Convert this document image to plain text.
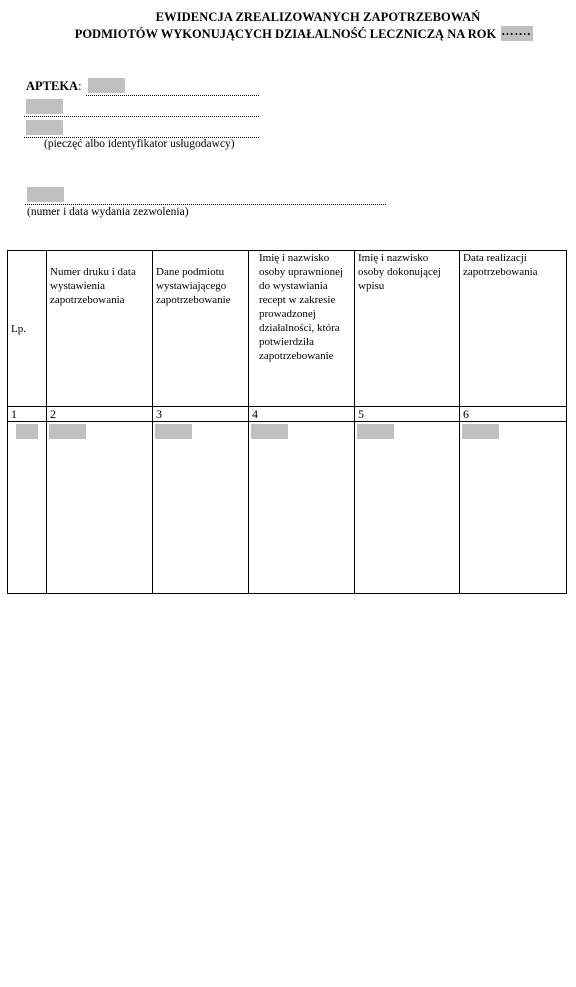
EWIDENCJA ZREALIZOWANYCH ZAPOTRZEBOWAŃ
PODMIOTÓW WYKONUJĄCYCH DZIAŁALNOŚĆ LECZNICZĄ NA ROK …….
APTEKA:
(pieczęć albo identyfikator usługodawcy)
(numer i data wydania zezwolenia)
Lp.	Numer druku i data wystawienia zapotrzebowania	Dane podmiotu wystawiającego zapotrzebowanie	Imię i nazwisko osoby uprawnionej do wystawiania recept w zakresie prowadzonej działalności, która potwierdziła zapotrzebowanie	Imię i nazwisko osoby dokonującej wpisu	Data realizacji zapotrzebowania
1	2	3	4	5	6
